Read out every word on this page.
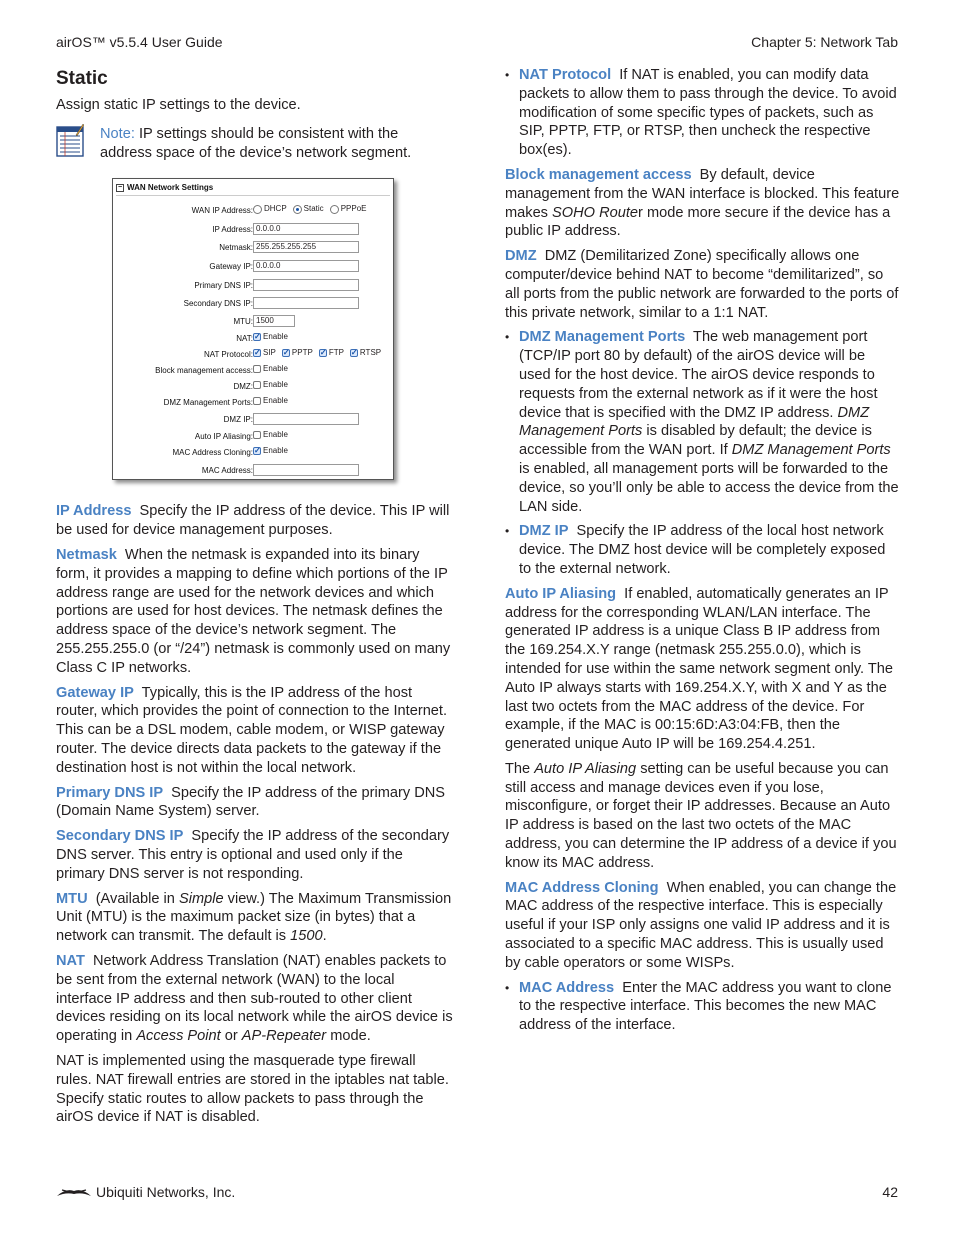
airOS™ v5.5.4 User Guide	Chapter 5: Network Tab
Static

Assign static IP settings to the device.

Note: IP settings should be consistent with the address space of the device’s network segment.
− WAN Network Settings
WAN IP Address: DHCP Static PPPoE
IP Address: 0.0.0.0
Netmask: 255.255.255.255
Gateway IP: 0.0.0.0
Primary DNS IP:
Secondary DNS IP:
MTU: 1500
NAT: ✓ Enable
NAT Protocol: ✓ SIP ✓ PPTP ✓ FTP ✓ RTSP
Block management access: Enable
DMZ: Enable
DMZ Management Ports: Enable
DMZ IP:
Auto IP Aliasing: Enable
MAC Address Cloning: ✓ Enable
MAC Address:

IP Address Specify the IP address of the device. This IP will be used for device management purposes.

Netmask When the netmask is expanded into its binary form, it provides a mapping to define which portions of the IP address range are used for the network devices and which portions are used for host devices. The netmask defines the address space of the device’s network segment. The 255.255.255.0 (or “/24”) netmask is commonly used on many Class C IP networks.

Gateway IP Typically, this is the IP address of the host router, which provides the point of connection to the Internet. This can be a DSL modem, cable modem, or WISP gateway router. The device directs data packets to the gateway if the destination host is not within the local network.

Primary DNS IP Specify the IP address of the primary DNS (Domain Name System) server.

Secondary DNS IP Specify the IP address of the secondary DNS server. This entry is optional and used only if the primary DNS server is not responding.

MTU (Available in Simple view.) The Maximum Transmission Unit (MTU) is the maximum packet size (in bytes) that a network can transmit. The default is 1500.

NAT Network Address Translation (NAT) enables packets to be sent from the external network (WAN) to the local interface IP address and then sub-routed to other client devices residing on its local network while the airOS device is operating in Access Point or AP-Repeater mode.

NAT is implemented using the masquerade type firewall rules. NAT firewall entries are stored in the iptables nat table. Specify static routes to allow packets to pass through the airOS device if NAT is disabled.

• NAT Protocol If NAT is enabled, you can modify data packets to allow them to pass through the device. To avoid modification of some specific types of packets, such as SIP, PPTP, FTP, or RTSP, then uncheck the respective box(es).

Block management access By default, device management from the WAN interface is blocked. This feature makes SOHO Router mode more secure if the device has a public IP address.

DMZ DMZ (Demilitarized Zone) specifically allows one computer/device behind NAT to become “demilitarized”, so all ports from the public network are forwarded to the ports of this private network, similar to a 1:1 NAT.

• DMZ Management Ports The web management port (TCP/IP port 80 by default) of the airOS device will be used for the host device. The airOS device responds to requests from the external network as if it were the host device that is specified with the DMZ IP address. DMZ Management Ports is disabled by default; the device is accessible from the WAN port. If DMZ Management Ports is enabled, all management ports will be forwarded to the device, so you’ll only be able to access the device from the LAN side.
• DMZ IP Specify the IP address of the local host network device. The DMZ host device will be completely exposed to the external network.

Auto IP Aliasing If enabled, automatically generates an IP address for the corresponding WLAN/LAN interface. The generated IP address is a unique Class B IP address from the 169.254.X.Y range (netmask 255.255.0.0), which is intended for use within the same network segment only. The Auto IP always starts with 169.254.X.Y, with X and Y as the last two octets from the MAC address of the device. For example, if the MAC is 00:15:6D:A3:04:FB, then the generated unique Auto IP will be 169.254.4.251.

The Auto IP Aliasing setting can be useful because you can still access and manage devices even if you lose, misconfigure, or forget their IP addresses. Because an Auto IP address is based on the last two octets of the MAC address, you can determine the IP address of a device if you know its MAC address.

MAC Address Cloning When enabled, you can change the MAC address of the respective interface. This is especially useful if your ISP only assigns one valid IP address and it is associated to a specific MAC address. This is usually used by cable operators or some WISPs.

• MAC Address Enter the MAC address you want to clone to the respective interface. This becomes the new MAC address of the interface.
Ubiquiti Networks, Inc.	42
